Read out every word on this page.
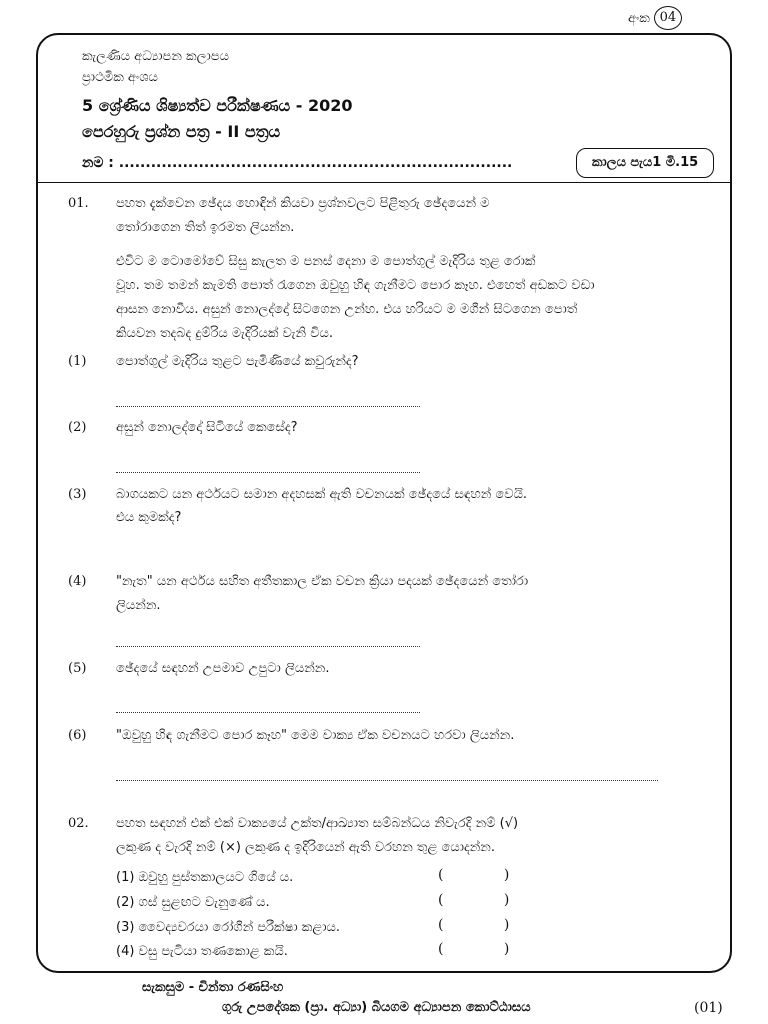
අංක 04
කැලණිය අධ්‍යාපන කලාපය
ප්‍රාථමික අංශය
5 ශ්‍රේණිය ශිෂ්‍යත්ව පරීක්ෂණය - 2020
පෙරහුරු ප්‍රශ්න පත්‍ර - II පත්‍රය
නම : ..........................................................................	කාලය පැය1 මි.15
01. පහත දැක්වෙන ඡේදය හොඳින් කියවා ප්‍රශ්නවලට පිළිතුරු ඡේදයෙන් ම
තෝරාගෙන තිත් ඉරමත ලියන්න.
එවිට ම ටොමෝවේ සිසු කැලත ම පනස් දෙනා ම පොත්ගුල් මැදිරිය තුළ රොක්
වූහ. තම තමන් කැමති පොත් රැගෙන ඔවුහු හිඳ ගැනීමට පොර කෑහ. එහෙත් අඩකට වඩා
ආසන නොවීය. අසුන් නොලද්දෝ සිටගෙන උන්හ. එය හරියට ම මගීන් සිටගෙන පොත්
කියවන තදබද දුම්රිය මැදිරියක් වැනි විය.
(1) පොත්ගුල් මැදිරිය තුළට පැමිණියේ කවුරුන්ද?
(2) අසුන් නොලද්දෝ සිටියේ කෙසේද?
(3) බාගයකට යන අර්ථයට සමාන අදහසක් ඇති වචනයක් ඡේදයේ සඳහන් වෙයි.
එය කුමක්ද?
(4) "නැත" යන අර්ථය සහිත අතීතකාල ඒක වචන ක්‍රියා පදයක් ඡේදයෙන් තෝරා
ලියන්න.
(5) ඡේදයේ සඳහන් උපමාව උපුටා ලියන්න.
(6) "ඔවුහු හිඳ ගැනීමට පොර කෑහ" මෙම වාක්‍ය ඒක වචනයට හරවා ලියන්න.
02. පහත සඳහන් එක් එක් වාක්‍යයේ උක්ත/ආඛ්‍යාත සම්බන්ධය නිවැරදි නම් (√)
ලකුණ ද වැරදි නම් (×) ලකුණ ද ඉදිරියෙන් ඇති වරහන තුළ යොදන්න.
(1) ඔවුහු පුස්තකාලයට ගියේ ය.	( )
(2) ගස් සුළඟට වැනුණේ ය.	( )
(3) වෛද්‍යවරයා රෝගීන් පරීක්ෂා කළාය.	( )
(4) වසු පැටියා තණකොළ කයි.	( )
සැකසුම - චින්තා රණසිංහ
ගුරු උපදේශක (ප්‍රා. අධ්‍යා) බියගම අධ්‍යාපන කොට්ඨාසය	(01)
